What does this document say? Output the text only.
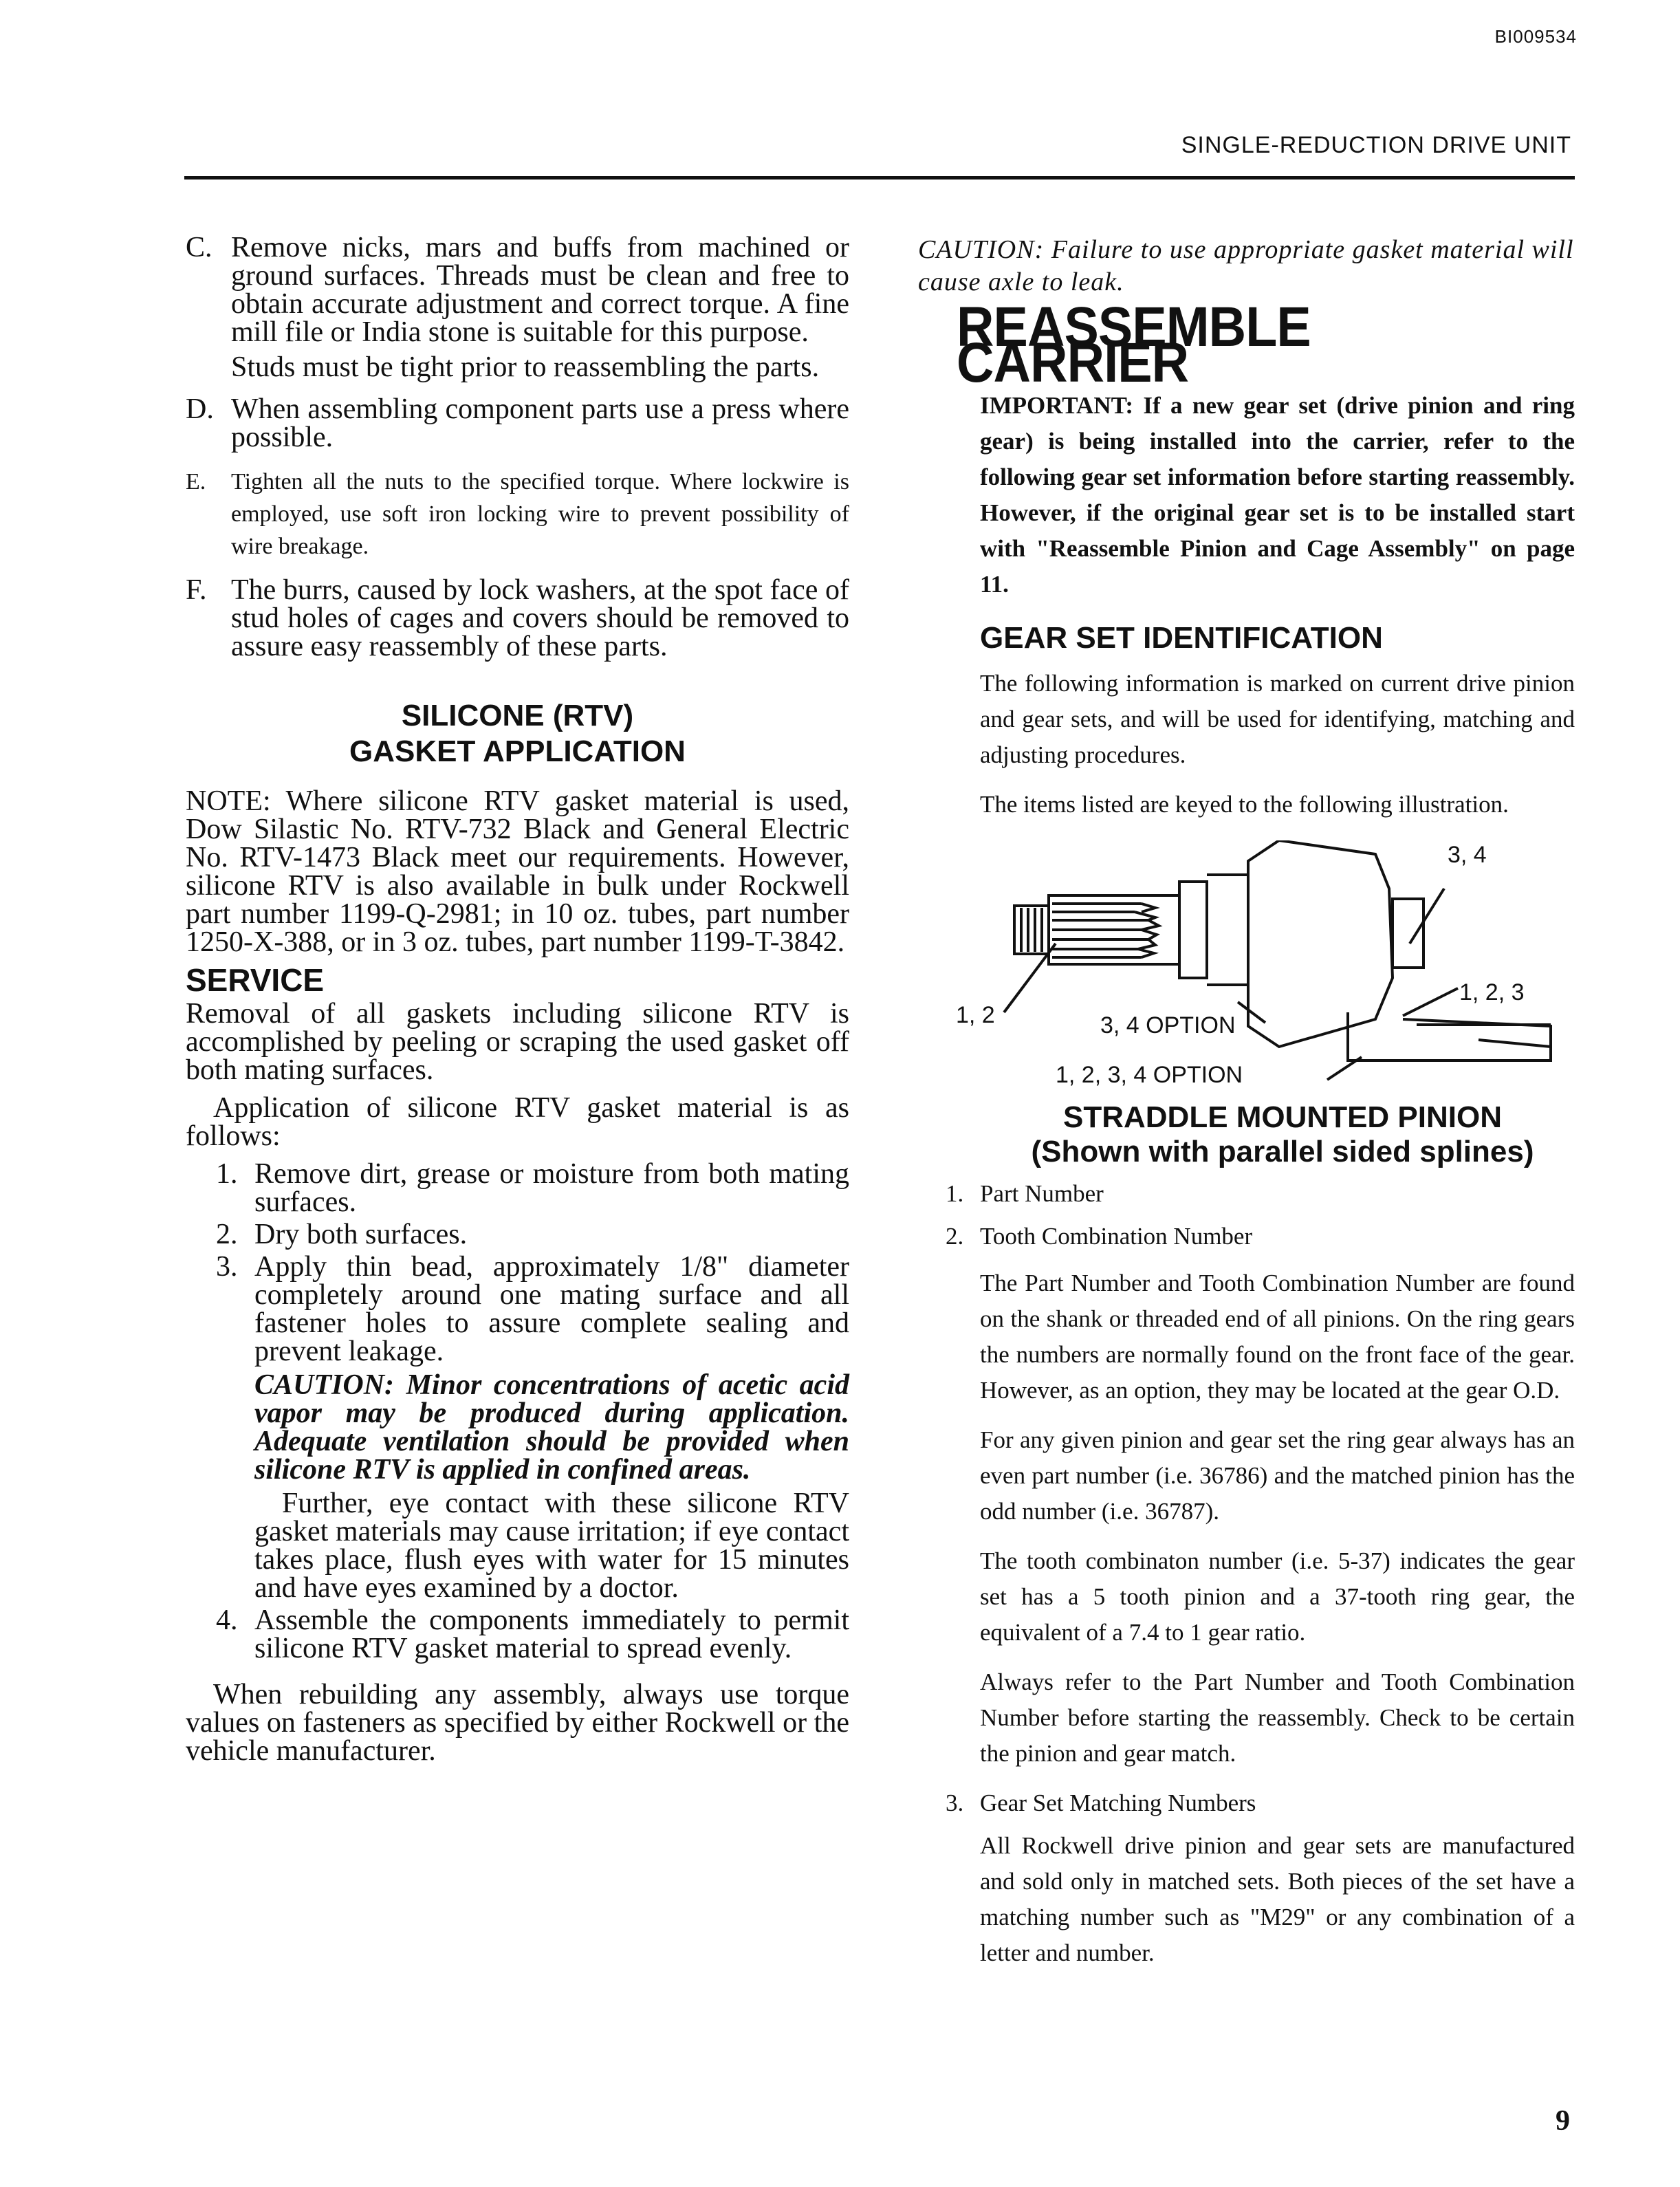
BI009534
SINGLE-REDUCTION DRIVE UNIT
C. Remove nicks, mars and buffs from machined or ground surfaces. Threads must be clean and free to obtain accurate adjustment and correct torque. A fine mill file or India stone is suitable for this purpose.

Studs must be tight prior to reassembling the parts.

D. When assembling component parts use a press where possible.

E.	Tighten all the nuts to the specified torque. Where lockwire is employed, use soft iron locking wire to prevent possibility of wire breakage.

F. The burrs, caused by lock washers, at the spot face of stud holes of cages and covers should be removed to assure easy reassembly of these parts.

SILICONE (RTV)
GASKET APPLICATION

NOTE: Where silicone RTV gasket material is used, Dow Silastic No. RTV-732 Black and General Electric No. RTV-1473 Black meet our requirements. However, silicone RTV is also available in bulk under Rockwell part number 1199-Q-2981; in 10 oz. tubes, part number 1250-X-388, or in 3 oz. tubes, part number 1199-T-3842.

SERVICE

Removal of all gaskets including silicone RTV is accomplished by peeling or scraping the used gasket off both mating surfaces.

Application of silicone RTV gasket material is as follows:

1. Remove dirt, grease or moisture from both mating surfaces.

2. Dry both surfaces.

3. Apply thin bead, approximately 1/8" diameter completely around one mating surface and all fastener holes to assure complete sealing and prevent leakage.

CAUTION: Minor concentrations of acetic acid vapor may be produced during application. Adequate ventilation should be provided when silicone RTV is applied in confined areas.

Further, eye contact with these silicone RTV gasket materials may cause irritation; if eye contact takes place, flush eyes with water for 15 minutes and have eyes examined by a doctor.

4. Assemble the components immediately to permit silicone RTV gasket material to spread evenly.

When rebuilding any assembly, always use torque values on fasteners as specified by either Rockwell or the vehicle manufacturer.

CAUTION: Failure to use appropriate gasket material will cause axle to leak.

REASSEMBLE CARRIER

IMPORTANT: If a new gear set (drive pinion and ring gear) is being installed into the carrier, refer to the following gear set information before starting reassembly. However, if the original gear set is to be installed start with "Reassemble Pinion and Cage Assembly" on page 11.

GEAR SET IDENTIFICATION

The following information is marked on current drive pinion and gear sets, and will be used for identifying, matching and adjusting procedures.

The items listed are keyed to the following illustration.

3, 4
1, 2
1, 2, 3
3, 4 OPTION
1, 2, 3, 4 OPTION
STRADDLE MOUNTED PINION
(Shown with parallel sided splines)
1. Part Number
2. Tooth Combination Number

The Part Number and Tooth Combination Number are found on the shank or threaded end of all pinions. On the ring gears the numbers are normally found on the front face of the gear. However, as an option, they may be located at the gear O.D.

For any given pinion and gear set the ring gear always has an even part number (i.e. 36786) and the matched pinion has the odd number (i.e. 36787).

The tooth combinaton number (i.e. 5-37) indicates the gear set has a 5 tooth pinion and a 37-tooth ring gear, the equivalent of a 7.4 to 1 gear ratio.

Always refer to the Part Number and Tooth Combination Number before starting the reassembly. Check to be certain the pinion and gear match.

3. Gear Set Matching Numbers

All Rockwell drive pinion and gear sets are manufactured and sold only in matched sets. Both pieces of the set have a matching number such as "M29" or any combination of a letter and number.

9
